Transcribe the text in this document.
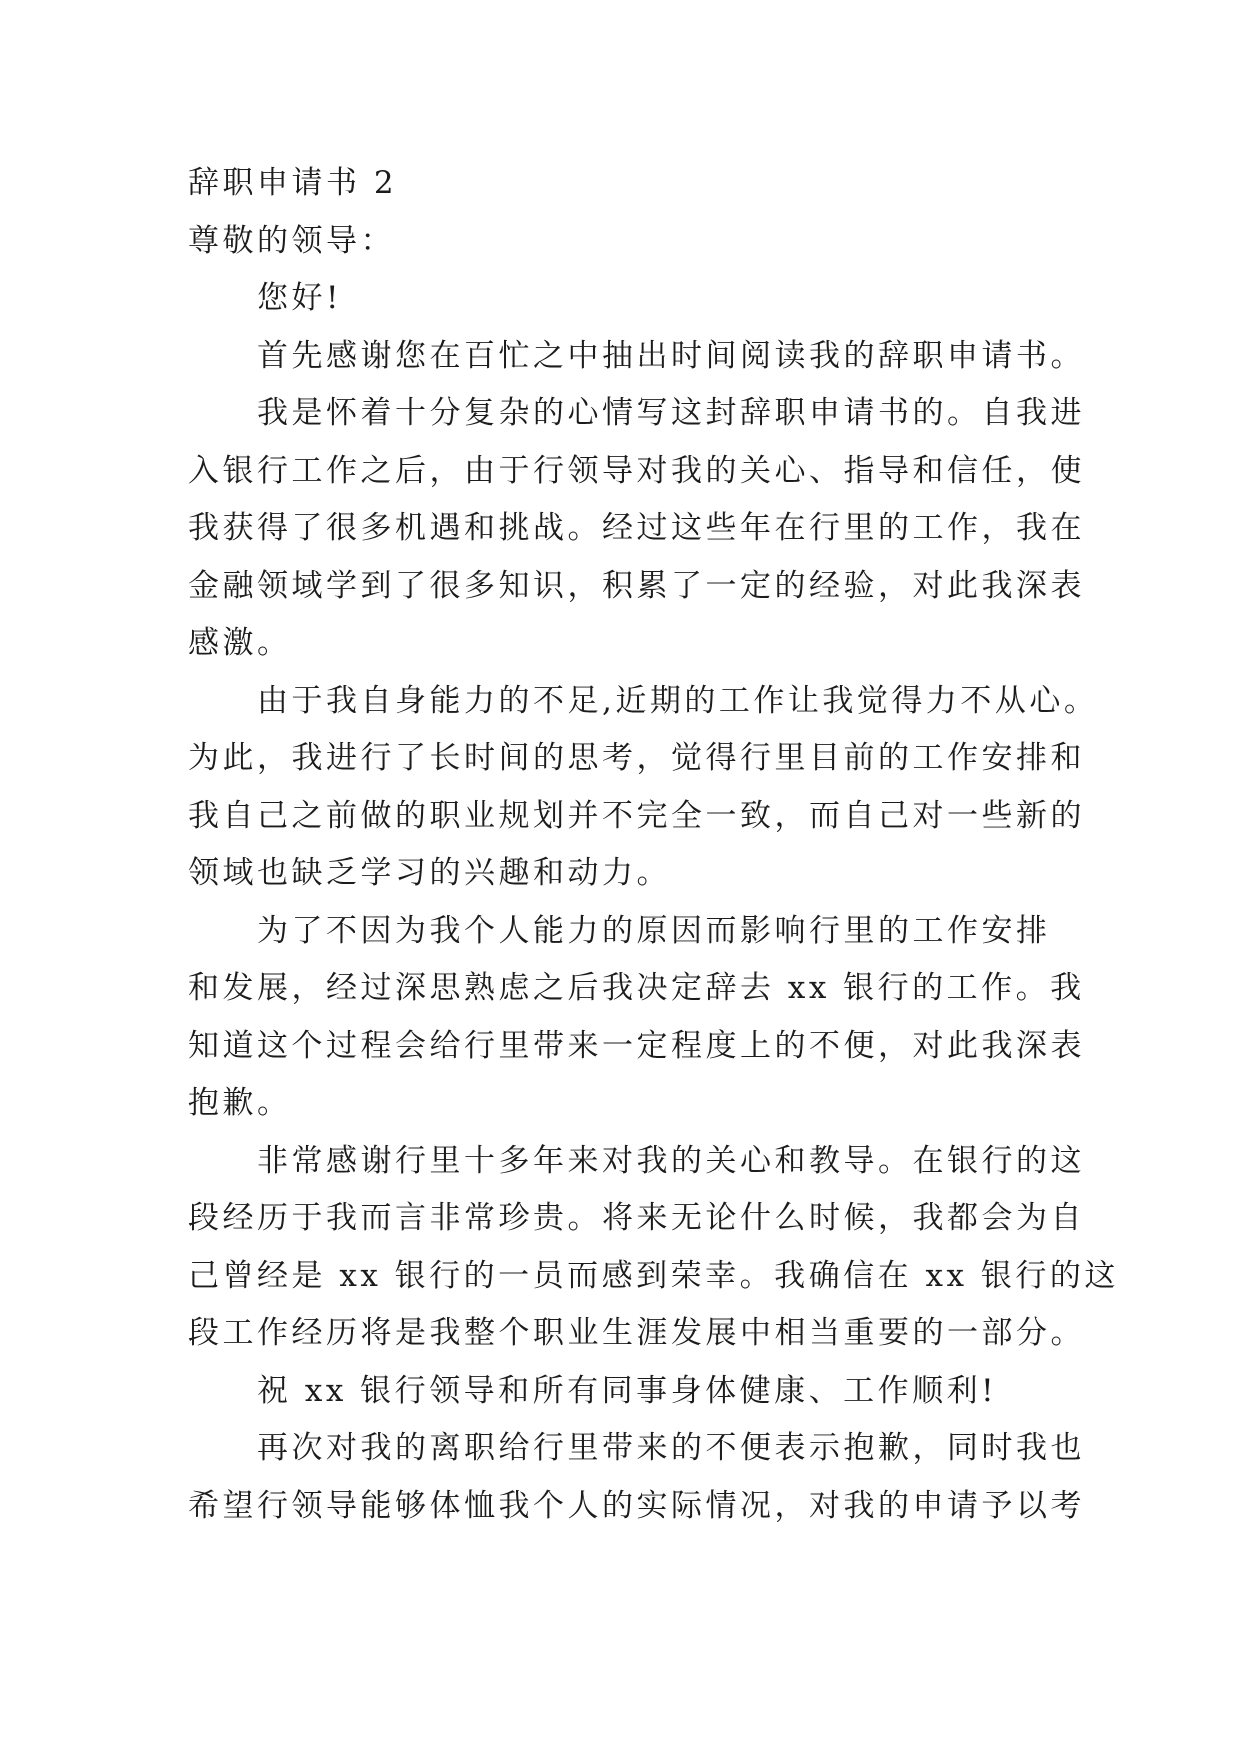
辞职申请书 2
尊敬的领导：
您好!
首先感谢您在百忙之中抽出时间阅读我的辞职申请书。
我是怀着十分复杂的心情写这封辞职申请书的。自我进
入银行工作之后，由于行领导对我的关心、指导和信任，使
我获得了很多机遇和挑战。经过这些年在行里的工作，我在
金融领域学到了很多知识，积累了一定的经验，对此我深表
感激。
由于我自身能力的不足,近期的工作让我觉得力不从心。
为此，我进行了长时间的思考，觉得行里目前的工作安排和
我自己之前做的职业规划并不完全一致，而自己对一些新的
领域也缺乏学习的兴趣和动力。
为了不因为我个人能力的原因而影响行里的工作安排
和发展，经过深思熟虑之后我决定辞去 xx 银行的工作。我
知道这个过程会给行里带来一定程度上的不便，对此我深表
抱歉。
非常感谢行里十多年来对我的关心和教导。在银行的这
段经历于我而言非常珍贵。将来无论什么时候，我都会为自
己曾经是 xx 银行的一员而感到荣幸。我确信在 xx 银行的这
段工作经历将是我整个职业生涯发展中相当重要的一部分。
祝 xx 银行领导和所有同事身体健康、工作顺利!
再次对我的离职给行里带来的不便表示抱歉，同时我也
希望行领导能够体恤我个人的实际情况，对我的申请予以考
